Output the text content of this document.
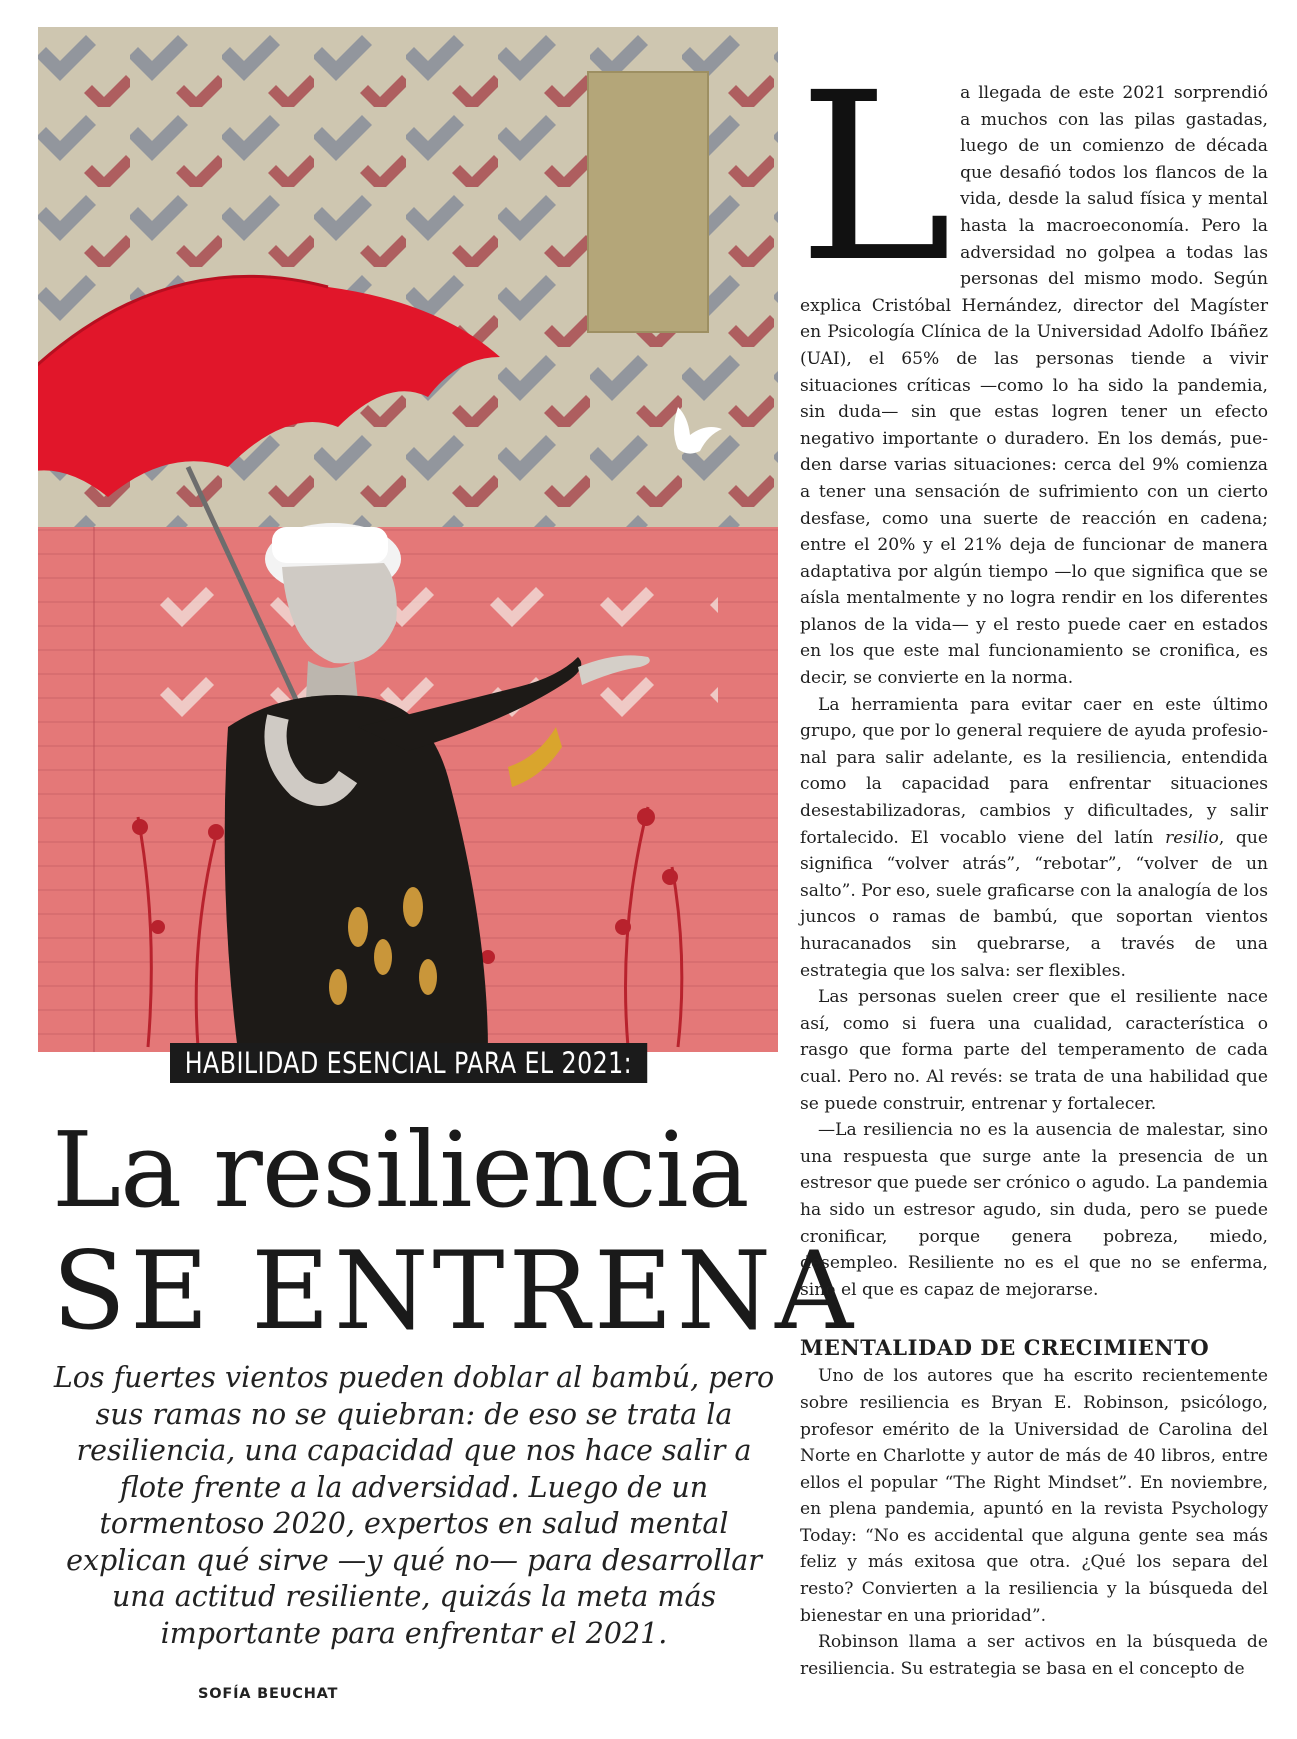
HABILIDAD ESENCIAL PARA EL 2021:
La resiliencia
SE ENTRENA

Los fuertes vientos pueden doblar al bambú, pero sus ramas no se quiebran: de eso se trata la resiliencia, una capacidad que nos hace salir a flote frente a la adversidad. Luego de un tormentoso 2020, expertos en salud mental explican qué sirve —y qué no— para desarrollar una actitud resiliente, quizás la meta más importante para enfrentar el 2021.

SOFÍA BEUCHAT

La llegada de este 2021 sorprendió a muchos con las pilas gastadas, luego de un comienzo de década que desafió todos los flancos de la vida, desde la salud física y mental hasta la macroeconomía. Pero la adversidad no golpea a todas las personas del mismo modo. Según explica Cristóbal Hernández, director del Magíster en Psicología Clínica de la Universidad Adolfo Ibáñez (UAI), el 65% de las personas tiende a vivir situaciones críticas —como lo ha sido la pandemia, sin duda— sin que estas logren tener un efecto negativo importante o duradero. En los demás, pueden darse varias situaciones: cerca del 9% comienza a tener una sensación de sufrimiento con un cierto desfase, como una suerte de reacción en cadena; entre el 20% y el 21% deja de funcionar de manera adaptativa por algún tiempo —lo que significa que se aísla mentalmente y no logra rendir en los diferentes planos de la vida— y el resto puede caer en estados en los que este mal funcionamiento se cronifica, es decir, se convierte en la norma.

La herramienta para evitar caer en este último grupo, que por lo general requiere de ayuda profesional para salir adelante, es la resiliencia, entendida como la capacidad para enfrentar situaciones desestabilizadoras, cambios y dificultades, y salir fortalecido. El vocablo viene del latín resilio, que significa “volver atrás”, “rebotar”, “volver de un salto”. Por eso, suele graficarse con la analogía de los juncos o ramas de bambú, que soportan vientos huracanados sin quebrarse, a través de una estrategia que los salva: ser flexibles.

Las personas suelen creer que el resiliente nace así, como si fuera una cualidad, característica o rasgo que forma parte del temperamento de cada cual. Pero no. Al revés: se trata de una habilidad que se puede construir, entrenar y fortalecer.

—La resiliencia no es la ausencia de malestar, sino una respuesta que surge ante la presencia de un estresor que puede ser crónico o agudo. La pandemia ha sido un estresor agudo, sin duda, pero se puede cronificar, porque genera pobreza, miedo, desempleo. Resiliente no es el que no se enferma, sino el que es capaz de mejorarse.

MENTALIDAD DE CRECIMIENTO

Uno de los autores que ha escrito recientemente sobre resiliencia es Bryan E. Robinson, psicólogo, profesor emérito de la Universidad de Carolina del Norte en Charlotte y autor de más de 40 libros, entre ellos el popular “The Right Mindset”. En noviembre, en plena pandemia, apuntó en la revista Psychology Today: “No es accidental que alguna gente sea más feliz y más exitosa que otra. ¿Qué los separa del resto? Convierten a la resiliencia y la búsqueda del bienestar en una prioridad”.

Robinson llama a ser activos en la búsqueda de resiliencia. Su estrategia se basa en el concepto de
